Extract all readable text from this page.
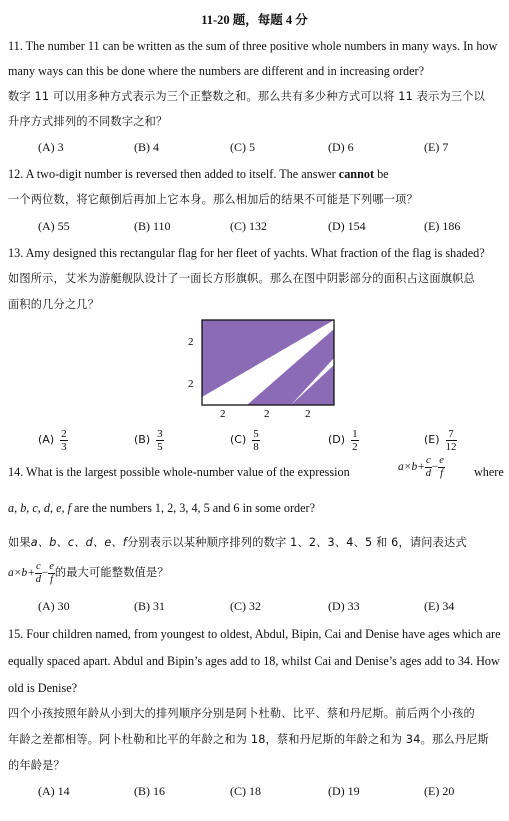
11-20 题，每题 4 分
11. The number 11 can be written as the sum of three positive whole numbers in many ways. In how
many ways can this be done where the numbers are different and in increasing order?
数字 11 可以用多种方式表示为三个正整数之和。那么共有多少种方式可以将 11 表示为三个以
升序方式排列的不同数字之和？
(A) 3	(B) 4	(C) 5	(D) 6	(E) 7
12. A two-digit number is reversed then added to itself. The answer cannot be
一个两位数，将它颠倒后再加上它本身。那么相加后的结果不可能是下列哪一项？
(A) 55	(B) 110	(C) 132	(D) 154	(E) 186
13. Amy designed this rectangular flag for her fleet of yachts. What fraction of the flag is shaded?
如图所示，艾米为游艇舰队设计了一面长方形旗帜。那么在图中阴影部分的面积占这面旗帜总
面积的几分之几？
2
2
2	2	2
$(A) \frac{2}{3}$	$(B) \frac{3}{5}$	$(C) \frac{5}{8}$	$(D) \frac{1}{2}$	$(E) \frac{7}{12}$
14. What is the largest possible whole-number value of the expression	$a\times b+ \frac{c}{d} - \frac{e}{f}$ where
a, b, c, d, e, f are the numbers 1, 2, 3, 4, 5 and 6 in some order?
如果a、b、c、d、e、f分别表示以某种顺序排列的数字 1、2、3、4、5 和 6，请问表达式
$a\times b+ \frac{c}{d} - \frac{e}{f}$ 的最大可能整数值是？
(A) 30	(B) 31	(C) 32	(D) 33	(E) 34
15. Four children named, from youngest to oldest, Abdul, Bipin, Cai and Denise have ages which are
equally spaced apart. Abdul and Bipin’s ages add to 18, whilst Cai and Denise’s ages add to 34. How
old is Denise?
四个小孩按照年龄从小到大的排列顺序分别是阿卜杜勒、比平、蔡和丹尼斯。前后两个小孩的
年龄之差都相等。阿卜杜勒和比平的年龄之和为 18，蔡和丹尼斯的年龄之和为 34。那么丹尼斯
的年龄是？
(A) 14	(B) 16	(C) 18	(D) 19	(E) 20
